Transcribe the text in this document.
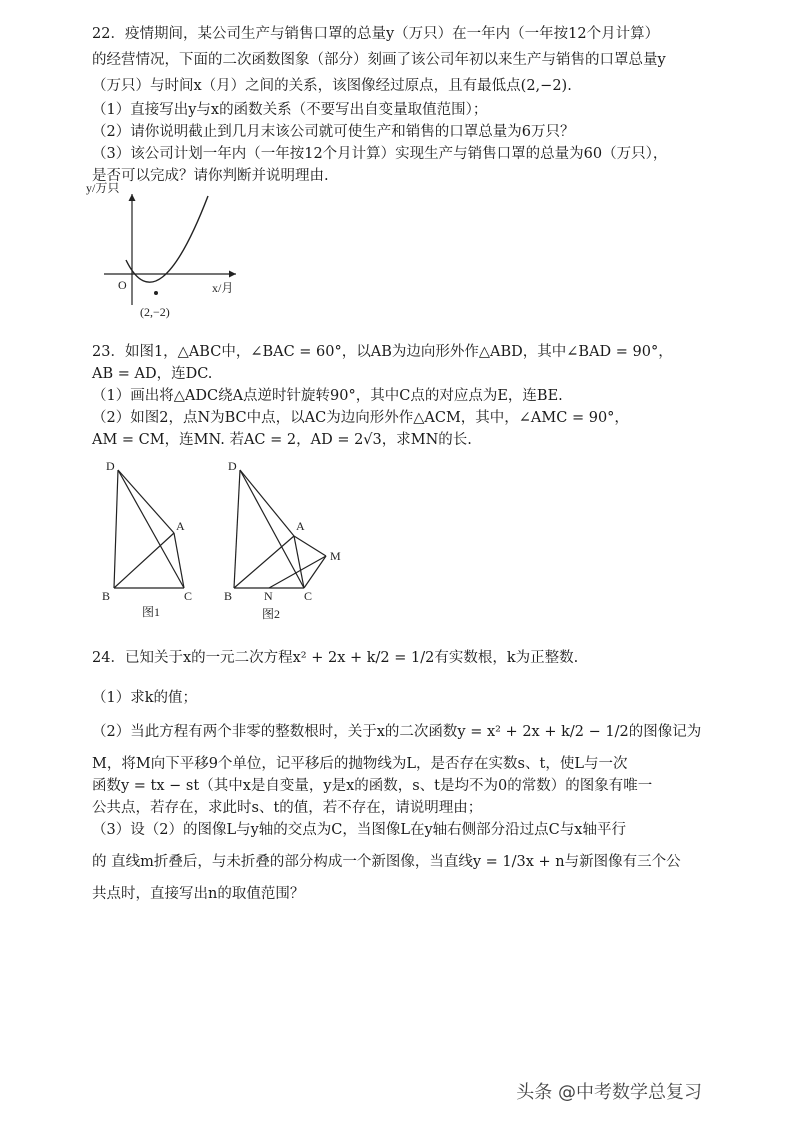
22．疫情期间，某公司生产与销售口罩的总量y（万只）在一年内（一年按12个月计算）
的经营情况，下面的二次函数图象（部分）刻画了该公司年初以来生产与销售的口罩总量y
（万只）与时间x（月）之间的关系，该图像经过原点，且有最低点(2,−2).
（1）直接写出y与x的函数关系（不要写出自变量取值范围）；
（2）请你说明截止到几月末该公司就可使生产和销售的口罩总量为6万只？
（3）该公司计划一年内（一年按12个月计算）实现生产与销售口罩的总量为60（万只），
是否可以完成？请你判断并说明理由.
y/万只
O	x/月
(2,−2)
23．如图1，△ABC中，∠BAC = 60°，以AB为边向形外作△ABD，其中∠BAD = 90°，
AB = AD，连DC.
（1）画出将△ADC绕A点逆时针旋转90°，其中C点的对应点为E，连BE.
（2）如图2，点N为BC中点，以AC为边向形外作△ACM，其中，∠AMC = 90°，
AM = CM，连MN. 若AC = 2，AD = 2√3，求MN的长.
D
A
B	C
图1
D
A
M
B	N	C
图2
24．已知关于x的一元二次方程x² + 2x + k/2 = 1/2有实数根，k为正整数.
（1）求k的值；
（2）当此方程有两个非零的整数根时，关于x的二次函数y = x² + 2x + k/2 − 1/2的图像记为
M，将M向下平移9个单位，记平移后的抛物线为L，是否存在实数s、t，使L与一次
函数y = tx − st（其中x是自变量，y是x的函数，s、t是均不为0的常数）的图象有唯一
公共点，若存在，求此时s、t的值，若不存在，请说明理由；
（3）设（2）的图像L与y轴的交点为C，当图像L在y轴右侧部分沿过点C与x轴平行
的 直线m折叠后，与未折叠的部分构成一个新图像，当直线y = 1/3x + n与新图像有三个公
共点时，直接写出n的取值范围？
头条 @中考数学总复习
